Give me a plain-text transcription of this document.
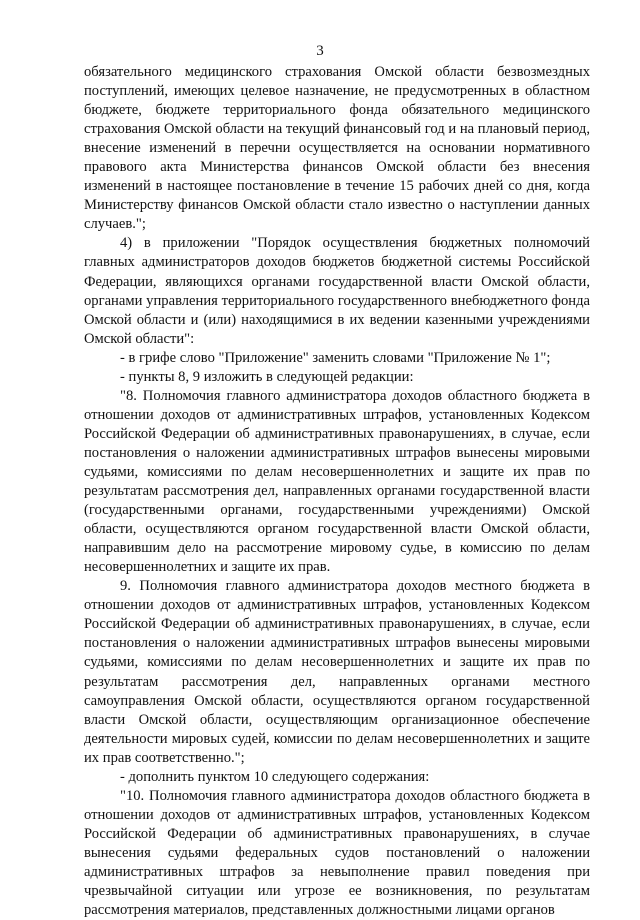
3

обязательного медицинского страхования Омской области безвозмездных поступлений, имеющих целевое назначение, не предусмотренных в областном бюджете, бюджете территориального фонда обязательного медицинского страхования Омской области на текущий финансовый год и на плановый период, внесение изменений в перечни осуществляется на основании нормативного правового акта Министерства финансов Омской области без внесения изменений в настоящее постановление в течение 15 рабочих дней со дня, когда Министерству финансов Омской области стало известно о наступлении данных случаев.";

4) в приложении "Порядок осуществления бюджетных полномочий главных администраторов доходов бюджетов бюджетной системы Российской Федерации, являющихся органами государственной власти Омской области, органами управления территориального государственного внебюджетного фонда Омской области и (или) находящимися в их ведении казенными учреждениями Омской области":

- в грифе слово "Приложение" заменить словами "Приложение № 1";

- пункты 8, 9 изложить в следующей редакции:

"8. Полномочия главного администратора доходов областного бюджета в отношении доходов от административных штрафов, установленных Кодексом Российской Федерации об административных правонарушениях, в случае, если постановления о наложении административных штрафов вынесены мировыми судьями, комиссиями по делам несовершеннолетних и защите их прав по результатам рассмотрения дел, направленных органами государственной власти (государственными органами, государственными учреждениями) Омской области, осуществляются органом государственной власти Омской области, направившим дело на рассмотрение мировому судье, в комиссию по делам несовершеннолетних и защите их прав.

9. Полномочия главного администратора доходов местного бюджета в отношении доходов от административных штрафов, установленных Кодексом Российской Федерации об административных правонарушениях, в случае, если постановления о наложении административных штрафов вынесены мировыми судьями, комиссиями по делам несовершеннолетних и защите их прав по результатам рассмотрения дел, направленных органами местного самоуправления Омской области, осуществляются органом государственной власти Омской области, осуществляющим организационное обеспечение деятельности мировых судей, комиссии по делам несовершеннолетних и защите их прав соответственно.";

- дополнить пунктом 10 следующего содержания:

"10. Полномочия главного администратора доходов областного бюджета в отношении доходов от административных штрафов, установленных Кодексом Российской Федерации об административных правонарушениях, в случае вынесения судьями федеральных судов постановлений о наложении административных штрафов за невыполнение правил поведения при чрезвычайной ситуации или угрозе ее возникновения, по результатам рассмотрения материалов, представленных должностными лицами органов
